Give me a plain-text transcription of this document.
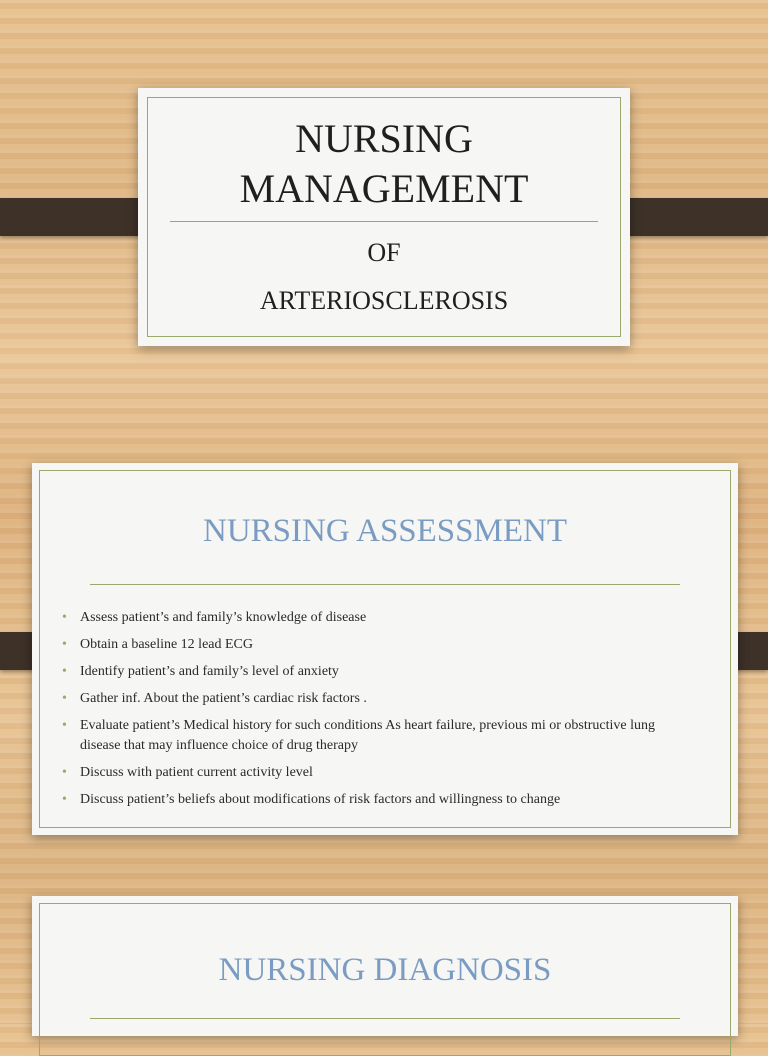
NURSING
MANAGEMENT
OF
ARTERIOSCLEROSIS
NURSING ASSESSMENT
• Assess patient’s and family’s knowledge of disease
• Obtain a baseline 12 lead ECG
• Identify patient’s and family’s level of anxiety
• Gather inf. About the patient’s cardiac risk factors .
• Evaluate patient’s Medical history for such conditions As heart failure, previous mi or obstructive lung disease that may influence choice of drug therapy
• Discuss with patient current activity level
• Discuss patient’s beliefs about modifications of risk factors and willingness to change
NURSING DIAGNOSIS
